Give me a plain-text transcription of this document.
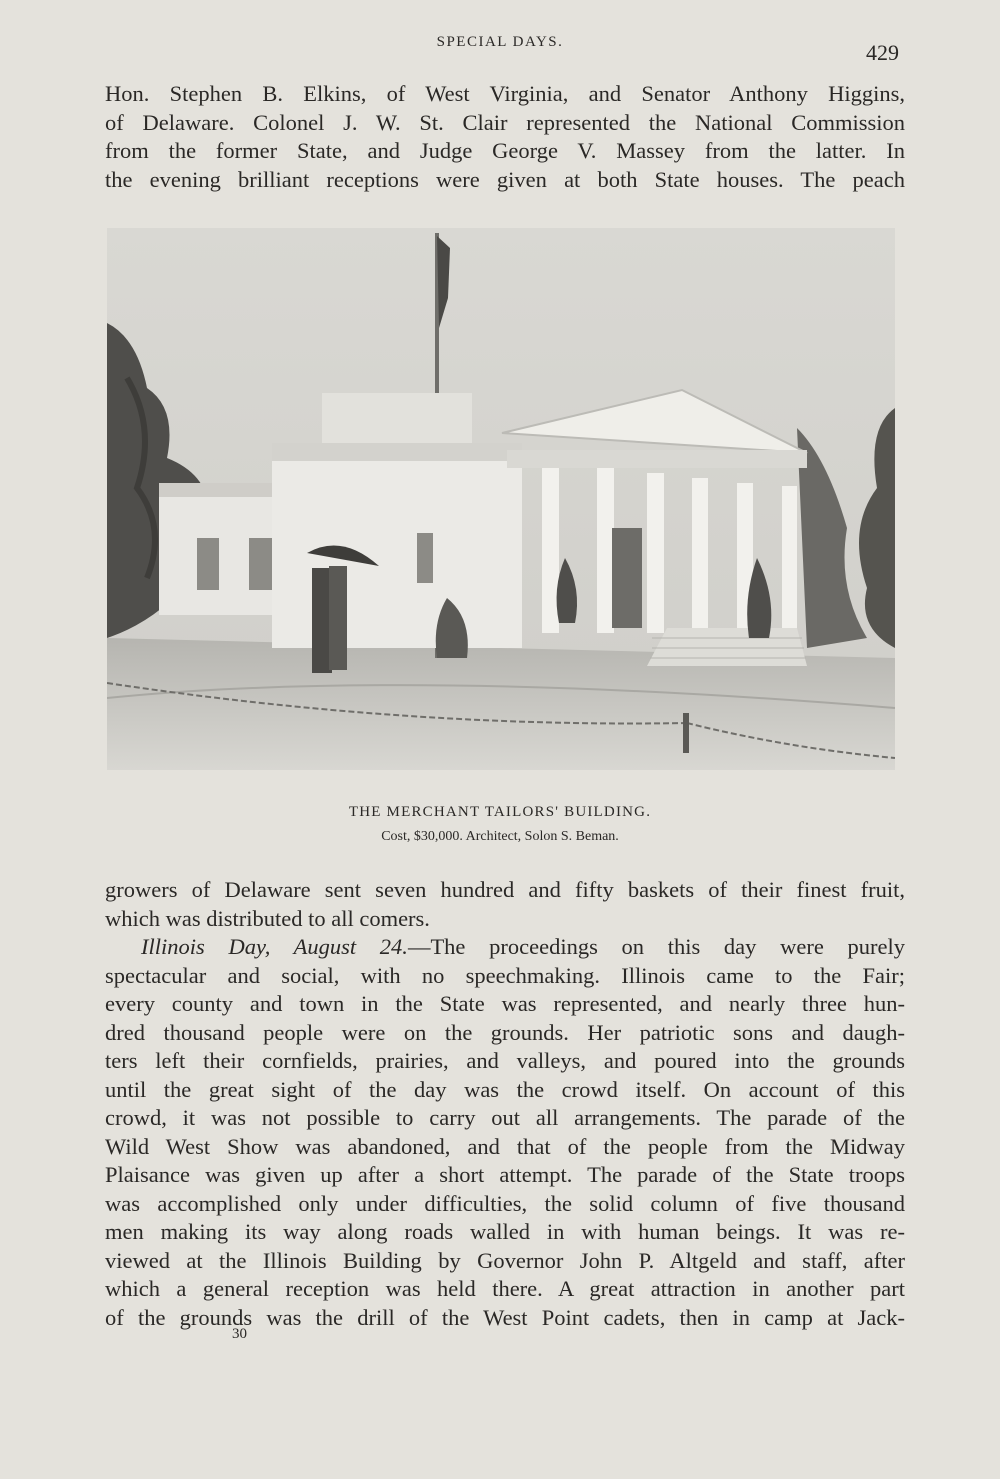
SPECIAL DAYS.	429

Hon. Stephen B. Elkins, of West Virginia, and Senator Anthony Higgins,
of Delaware. Colonel J. W. St. Clair represented the National Commission
from the former State, and Judge George V. Massey from the latter. In
the evening brilliant receptions were given at both State houses. The peach

THE MERCHANT TAILORS' BUILDING.
Cost, $30,000. Architect, Solon S. Beman.

growers of Delaware sent seven hundred and fifty baskets of their finest fruit,
which was distributed to all comers.
Illinois Day, August 24.—The proceedings on this day were purely
spectacular and social, with no speechmaking. Illinois came to the Fair;
every county and town in the State was represented, and nearly three hun-
dred thousand people were on the grounds. Her patriotic sons and daugh-
ters left their cornfields, prairies, and valleys, and poured into the grounds
until the great sight of the day was the crowd itself. On account of this
crowd, it was not possible to carry out all arrangements. The parade of the
Wild West Show was abandoned, and that of the people from the Midway
Plaisance was given up after a short attempt. The parade of the State troops
was accomplished only under difficulties, the solid column of five thousand
men making its way along roads walled in with human beings. It was re-
viewed at the Illinois Building by Governor John P. Altgeld and staff, after
which a general reception was held there. A great attraction in another part
of the grounds was the drill of the West Point cadets, then in camp at Jack-

30
